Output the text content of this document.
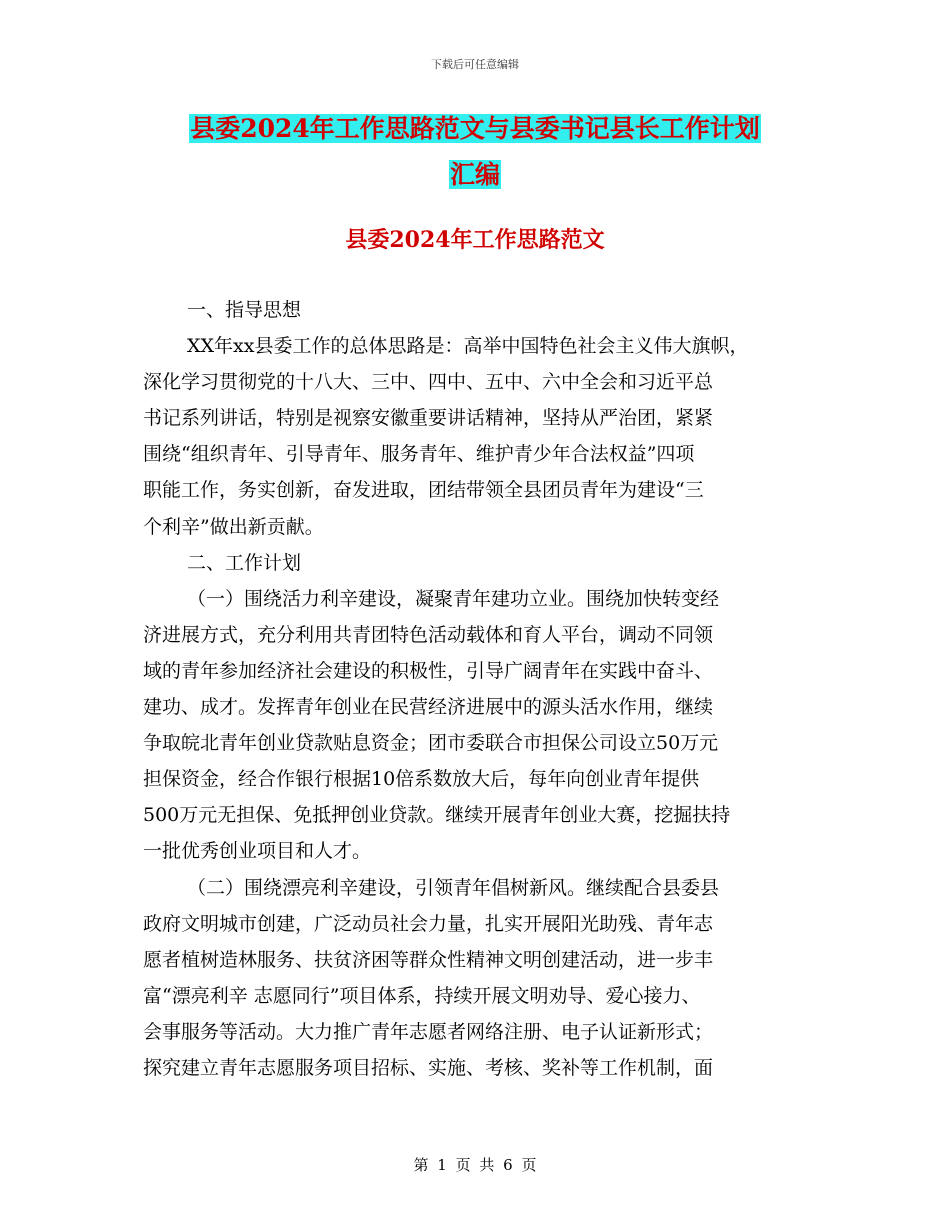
下载后可任意编辑
县委2024年工作思路范文与县委书记县长工作计划
汇编
县委2024年工作思路范文
一、指导思想
XX年xx县委工作的总体思路是：高举中国特色社会主义伟大旗帜，
深化学习贯彻党的十八大、三中、四中、五中、六中全会和习近平总
书记系列讲话，特别是视察安徽重要讲话精神，坚持从严治团，紧紧
围绕“组织青年、引导青年、服务青年、维护青少年合法权益”四项
职能工作，务实创新，奋发进取，团结带领全县团员青年为建设“三
个利辛”做出新贡献。
二、工作计划
（一）围绕活力利辛建设，凝聚青年建功立业。围绕加快转变经
济进展方式，充分利用共青团特色活动载体和育人平台，调动不同领
域的青年参加经济社会建设的积极性，引导广阔青年在实践中奋斗、
建功、成才。发挥青年创业在民营经济进展中的源头活水作用，继续
争取皖北青年创业贷款贴息资金；团市委联合市担保公司设立50万元
担保资金，经合作银行根据10倍系数放大后，每年向创业青年提供
500万元无担保、免抵押创业贷款。继续开展青年创业大赛，挖掘扶持
一批优秀创业项目和人才。
（二）围绕漂亮利辛建设，引领青年倡树新风。继续配合县委县
政府文明城市创建，广泛动员社会力量，扎实开展阳光助残、青年志
愿者植树造林服务、扶贫济困等群众性精神文明创建活动，进一步丰
富“漂亮利辛 志愿同行”项目体系，持续开展文明劝导、爱心接力、
会事服务等活动。大力推广青年志愿者网络注册、电子认证新形式；
探究建立青年志愿服务项目招标、实施、考核、奖补等工作机制，面
第 1 页 共 6 页
